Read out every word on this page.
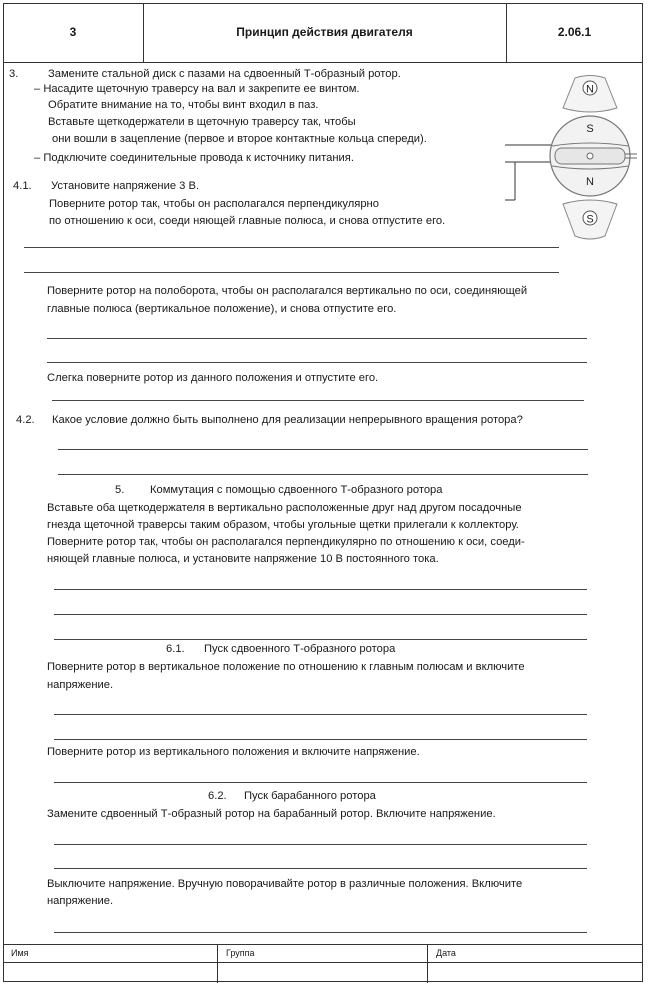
3	Принцип действия двигателя	2.06.1
3.	Замените стальной диск с пазами на сдвоенный Т-образный ротор.
– Насадите щеточную траверсу на вал и закрепите ее винтом.
Обратите внимание на то, чтобы винт входил в паз.
Вставьте щеткодержатели в щеточную траверсу так, чтобы
они вошли в зацепление (первое и второе контактные кольца спереди).
– Подключите соединительные провода к источнику питания.
4.1. Установите напряжение 3 В.
Поверните ротор так, чтобы он располагался перпендикулярно
по отношению к оси, соеди няющей главные полюса, и снова отпустите его.
Поверните ротор на полоборота, чтобы он располагался вертикально по оси, соединяющей
главные полюса (вертикальное положение), и снова отпустите его.
Слегка поверните ротор из данного положения и отпустите его.
4.2. Какое условие должно быть выполнено для реализации непрерывного вращения ротора?
5. Коммутация с помощью сдвоенного Т-образного ротора
Вставьте оба щеткодержателя в вертикально расположенные друг над другом посадочные
гнезда щеточной траверсы таким образом, чтобы угольные щетки прилегали к коллектору.
Поверните ротор так, чтобы он располагался перпендикулярно по отношению к оси, соеди-
няющей главные полюса, и установите напряжение 10 В постоянного тока.
6.1. Пуск сдвоенного Т-образного ротора
Поверните ротор в вертикальное положение по отношению к главным полюсам и включите
напряжение.
Поверните ротор из вертикального положения и включите напряжение.
6.2. Пуск барабанного ротора
Замените сдвоенный Т-образный ротор на барабанный ротор. Включите напряжение.
Выключите напряжение. Вручную поворачивайте ротор в различные положения. Включите
напряжение.
N
S
N
S
Имя	Группа	Дата
